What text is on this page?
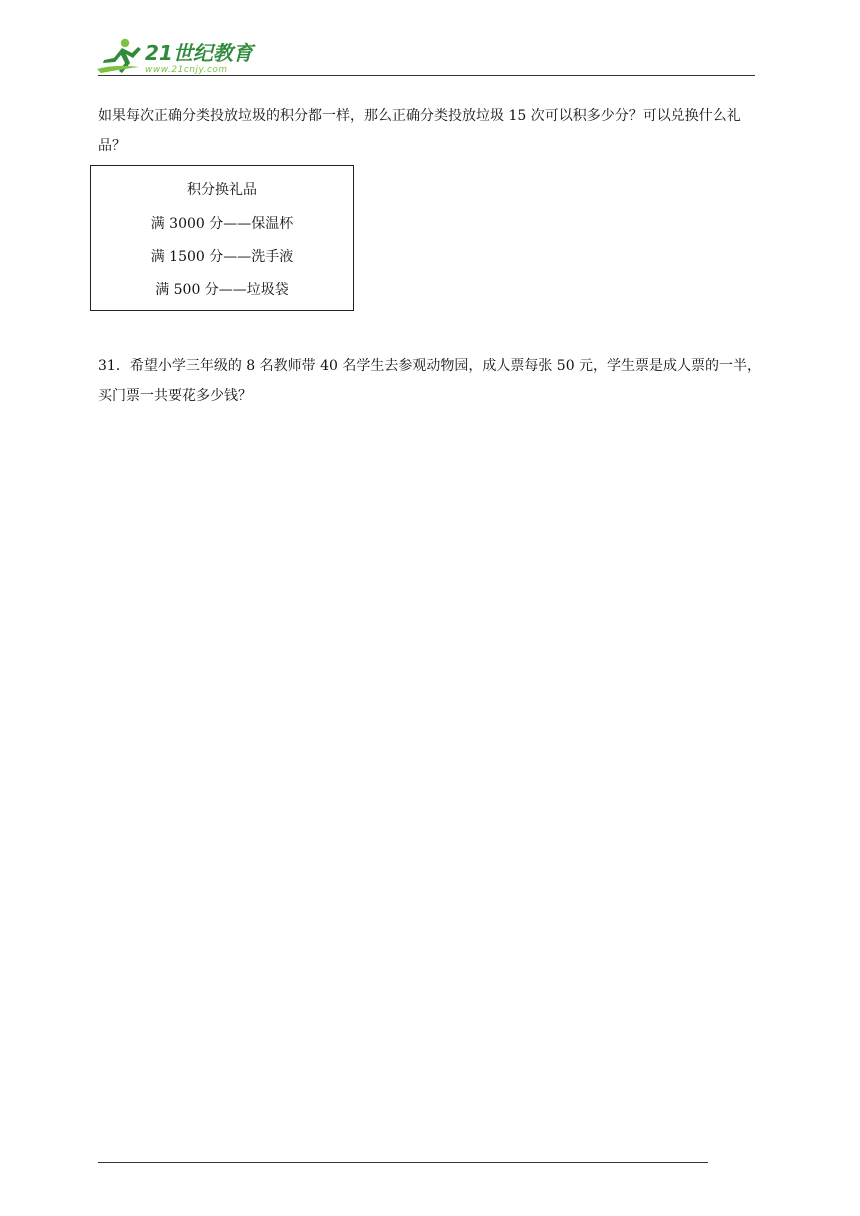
21世纪教育
www.21cnjy.com

如果每次正确分类投放垃圾的积分都一样，那么正确分类投放垃圾 15 次可以积多少分？可以兑换什么礼品？

积分换礼品
满 3000 分——保温杯
满 1500 分——洗手液
满 500 分——垃圾袋

31．希望小学三年级的 8 名教师带 40 名学生去参观动物园，成人票每张 50 元，学生票是成人票的一半，买门票一共要花多少钱？
